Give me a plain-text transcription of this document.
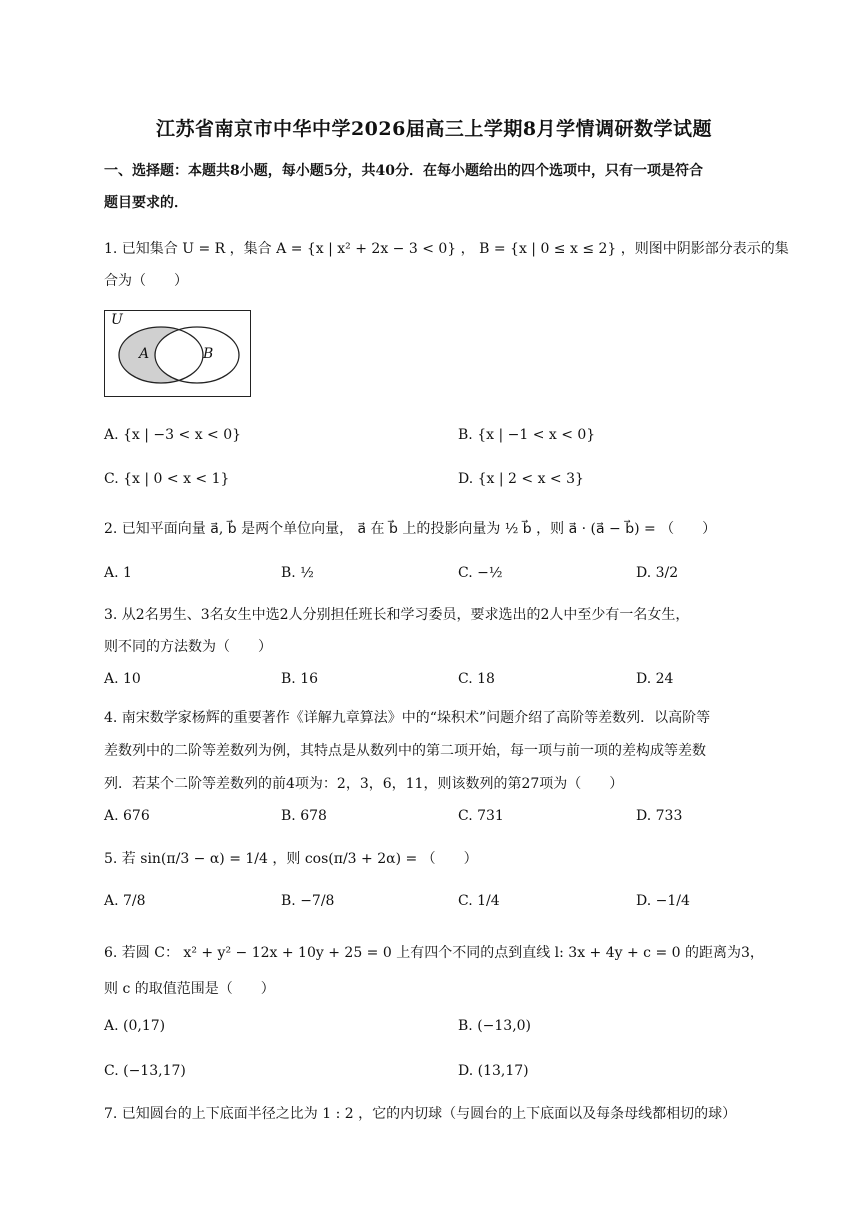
江苏省南京市中华中学2026届高三上学期8月学情调研数学试题
一、选择题：本题共8小题，每小题5分，共40分．在每小题给出的四个选项中，只有一项是符合
题目要求的．
1. 已知集合 U = R ，集合 A = {x | x² + 2x − 3 < 0} ， B = {x | 0 ≤ x ≤ 2} ，则图中阴影部分表示的集
合为（　　）
U
A	B
A. {x | −3 < x < 0}	B. {x | −1 < x < 0}
C. {x | 0 < x < 1}	D. {x | 2 < x < 3}
2. 已知平面向量 a⃗, b⃗ 是两个单位向量， a⃗ 在 b⃗ 上的投影向量为 ½ b⃗ ，则 a⃗ · (a⃗ − b⃗) = （　　）
A. 1	B. ½	C. −½	D. 3/2
3. 从2名男生、3名女生中选2人分别担任班长和学习委员，要求选出的2人中至少有一名女生，
则不同的方法数为（　　）
A. 10	B. 16	C. 18	D. 24
4. 南宋数学家杨辉的重要著作《详解九章算法》中的“垛积术”问题介绍了高阶等差数列．以高阶等
差数列中的二阶等差数列为例，其特点是从数列中的第二项开始，每一项与前一项的差构成等差数
列．若某个二阶等差数列的前4项为：2，3，6，11，则该数列的第27项为（　　）
A. 676	B. 678	C. 731	D. 733
5. 若 sin(π/3 − α) = 1/4 ，则 cos(π/3 + 2α) = （　　）
A. 7/8	B. −7/8	C. 1/4	D. −1/4
6. 若圆 C： x² + y² − 12x + 10y + 25 = 0 上有四个不同的点到直线 l: 3x + 4y + c = 0 的距离为3，
则 c 的取值范围是（　　）
A. (0,17)	B. (−13,0)
C. (−13,17)	D. (13,17)
7. 已知圆台的上下底面半径之比为 1 : 2 ，它的内切球（与圆台的上下底面以及每条母线都相切的球）
